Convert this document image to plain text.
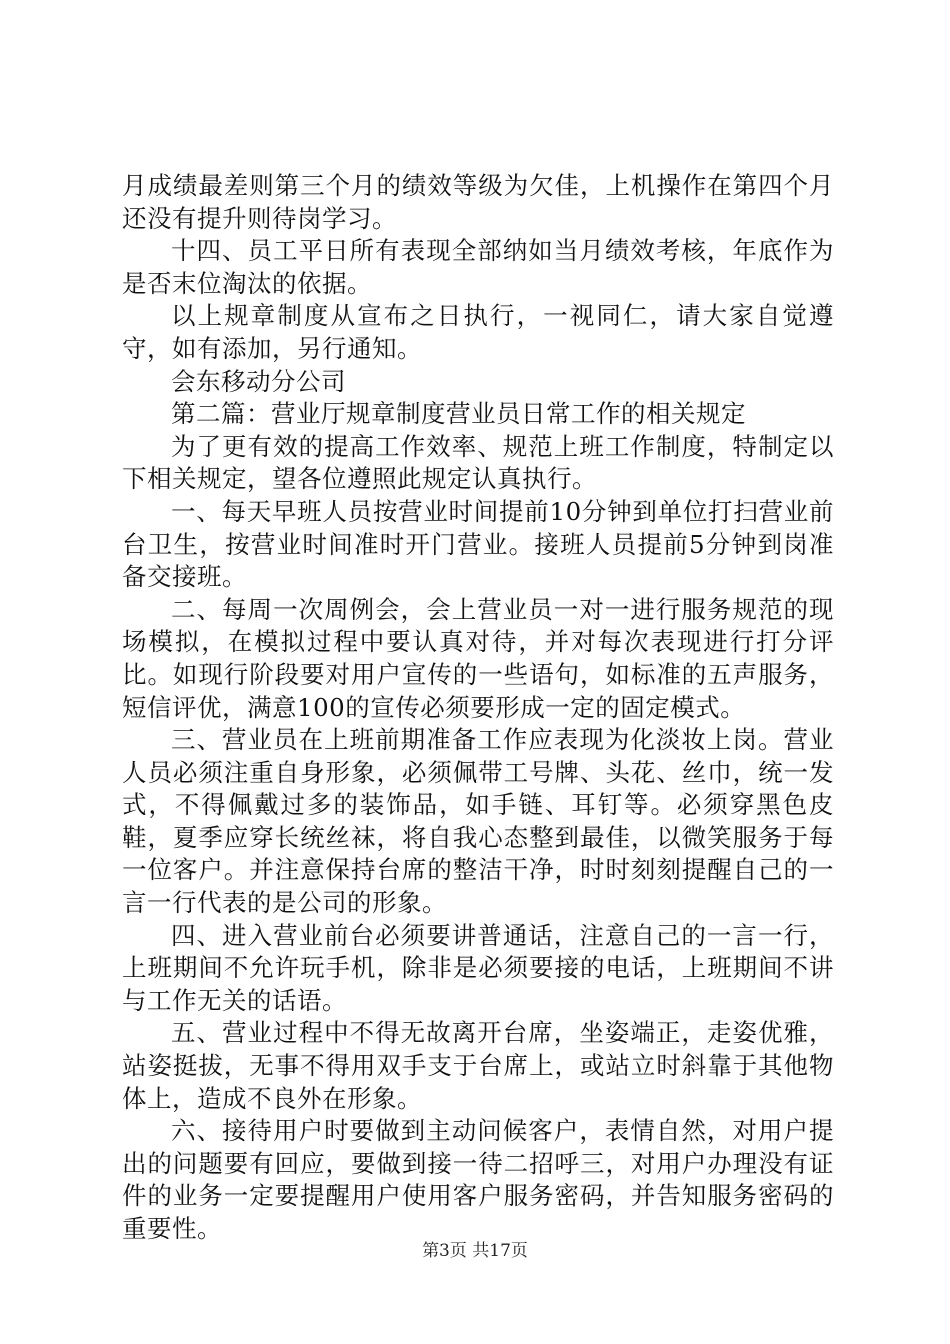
月成绩最差则第三个月的绩效等级为欠佳，上机操作在第四个月还没有提升则待岗学习。

十四、员工平日所有表现全部纳如当月绩效考核，年底作为是否末位淘汰的依据。

以上规章制度从宣布之日执行，一视同仁，请大家自觉遵守，如有添加，另行通知。

会东移动分公司

第二篇：营业厅规章制度营业员日常工作的相关规定

为了更有效的提高工作效率、规范上班工作制度，特制定以下相关规定，望各位遵照此规定认真执行。

一、每天早班人员按营业时间提前10分钟到单位打扫营业前台卫生，按营业时间准时开门营业。接班人员提前5分钟到岗准备交接班。

二、每周一次周例会，会上营业员一对一进行服务规范的现场模拟，在模拟过程中要认真对待，并对每次表现进行打分评比。如现行阶段要对用户宣传的一些语句，如标准的五声服务，短信评优，满意100的宣传必须要形成一定的固定模式。

三、营业员在上班前期准备工作应表现为化淡妆上岗。营业人员必须注重自身形象，必须佩带工号牌、头花、丝巾，统一发式，不得佩戴过多的装饰品，如手链、耳钉等。必须穿黑色皮鞋，夏季应穿长统丝袜，将自我心态整到最佳，以微笑服务于每一位客户。并注意保持台席的整洁干净，时时刻刻提醒自己的一言一行代表的是公司的形象。

四、进入营业前台必须要讲普通话，注意自己的一言一行，上班期间不允许玩手机，除非是必须要接的电话，上班期间不讲与工作无关的话语。

五、营业过程中不得无故离开台席，坐姿端正，走姿优雅，站姿挺拔，无事不得用双手支于台席上，或站立时斜靠于其他物体上，造成不良外在形象。

六、接待用户时要做到主动问候客户，表情自然，对用户提出的问题要有回应，要做到接一待二招呼三，对用户办理没有证件的业务一定要提醒用户使用客户服务密码，并告知服务密码的重要性。

第3页 共17页
